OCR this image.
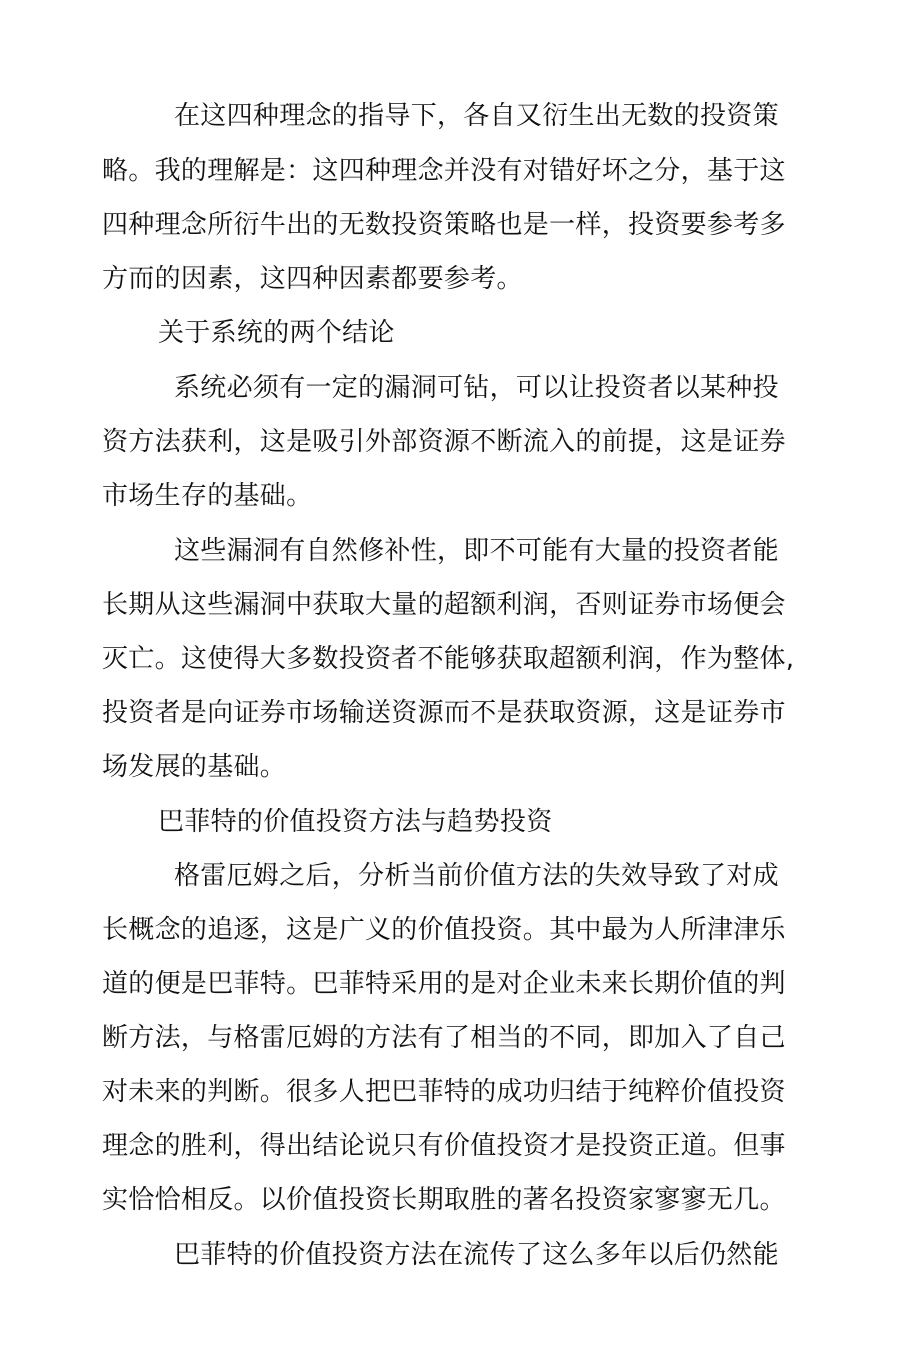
在这四种理念的指导下，各自又衍生出无数的投资策
略。我的理解是：这四种理念并没有对错好坏之分，基于这
四种理念所衍牛出的无数投资策略也是一样，投资要参考多
方而的因素，这四种因素都要参考。
关于系统的两个结论
系统必须有一定的漏洞可钻，可以让投资者以某种投
资方法获利，这是吸引外部资源不断流入的前提，这是证券
市场生存的基础。
这些漏洞有自然修补性，即不可能有大量的投资者能
长期从这些漏洞中获取大量的超额利润，否则证券市场便会
灭亡。这使得大多数投资者不能够获取超额利润，作为整体,
投资者是向证券市场输送资源而不是获取资源，这是证券市
场发展的基础。
巴菲特的价值投资方法与趋势投资
格雷厄姆之后，分析当前价值方法的失效导致了对成
长概念的追逐，这是广义的价值投资。其中最为人所津津乐
道的便是巴菲特。巴菲特采用的是对企业未来长期价值的判
断方法，与格雷厄姆的方法有了相当的不同，即加入了自己
对未来的判断。很多人把巴菲特的成功归结于纯粹价值投资
理念的胜利，得出结论说只有价值投资才是投资正道。但事
实恰恰相反。以价值投资长期取胜的著名投资家寥寥无几。
巴菲特的价值投资方法在流传了这么多年以后仍然能
